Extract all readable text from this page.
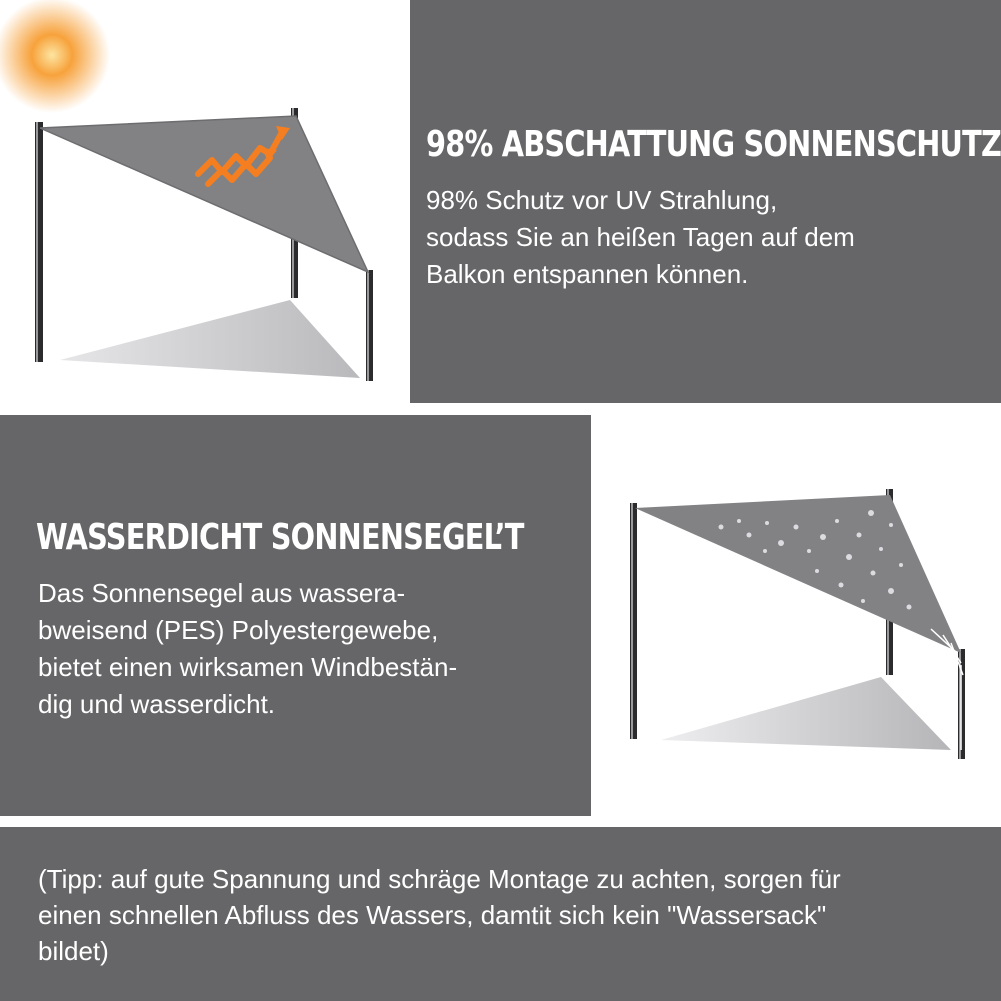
98% ABSCHATTUNG SONNENSCHUTZ

98% Schutz vor UV Strahlung,
sodass Sie an heißen Tagen auf dem
Balkon entspannen können.

WASSERDICHT SONNENSEGEL’T

Das Sonnensegel aus wassera-
bweisend (PES) Polyestergewebe,
bietet einen wirksamen Windbestän-
dig und wasserdicht.

(Tipp: auf gute Spannung und schräge Montage zu achten, sorgen für
einen schnellen Abfluss des Wassers, damtit sich kein "Wassersack"
bildet)
